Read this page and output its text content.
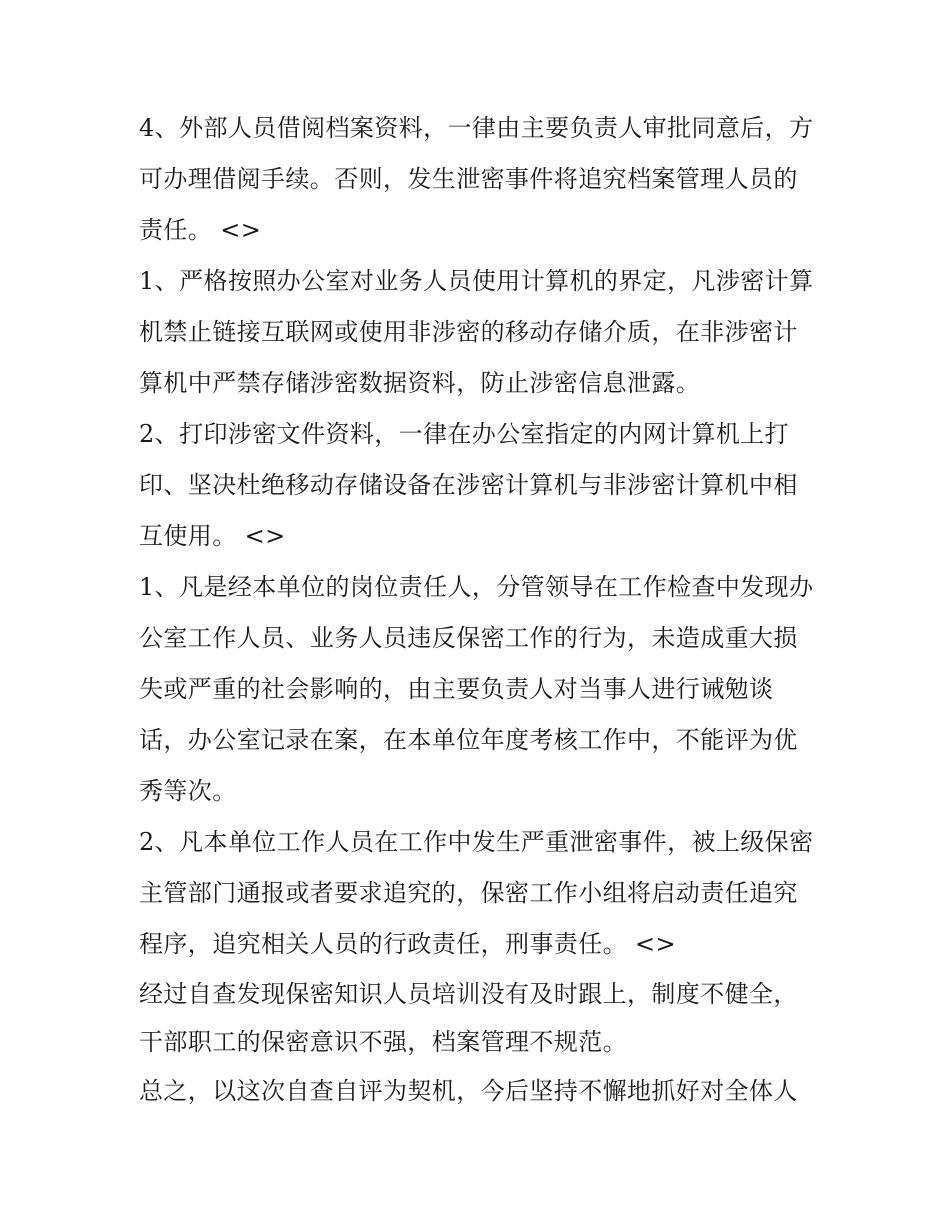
4、外部人员借阅档案资料，一律由主要负责人审批同意后，方可办理借阅手续。否则，发生泄密事件将追究档案管理人员的责任。 <>

1、严格按照办公室对业务人员使用计算机的界定，凡涉密计算机禁止链接互联网或使用非涉密的移动存储介质，在非涉密计算机中严禁存储涉密数据资料，防止涉密信息泄露。

2、打印涉密文件资料，一律在办公室指定的内网计算机上打印、坚决杜绝移动存储设备在涉密计算机与非涉密计算机中相互使用。 <>

1、凡是经本单位的岗位责任人，分管领导在工作检查中发现办公室工作人员、业务人员违反保密工作的行为，未造成重大损失或严重的社会影响的，由主要负责人对当事人进行诫勉谈话，办公室记录在案，在本单位年度考核工作中，不能评为优秀等次。

2、凡本单位工作人员在工作中发生严重泄密事件，被上级保密主管部门通报或者要求追究的，保密工作小组将启动责任追究程序，追究相关人员的行政责任，刑事责任。 <>

经过自查发现保密知识人员培训没有及时跟上，制度不健全，干部职工的保密意识不强，档案管理不规范。

总之，以这次自查自评为契机，今后坚持不懈地抓好对全体人
